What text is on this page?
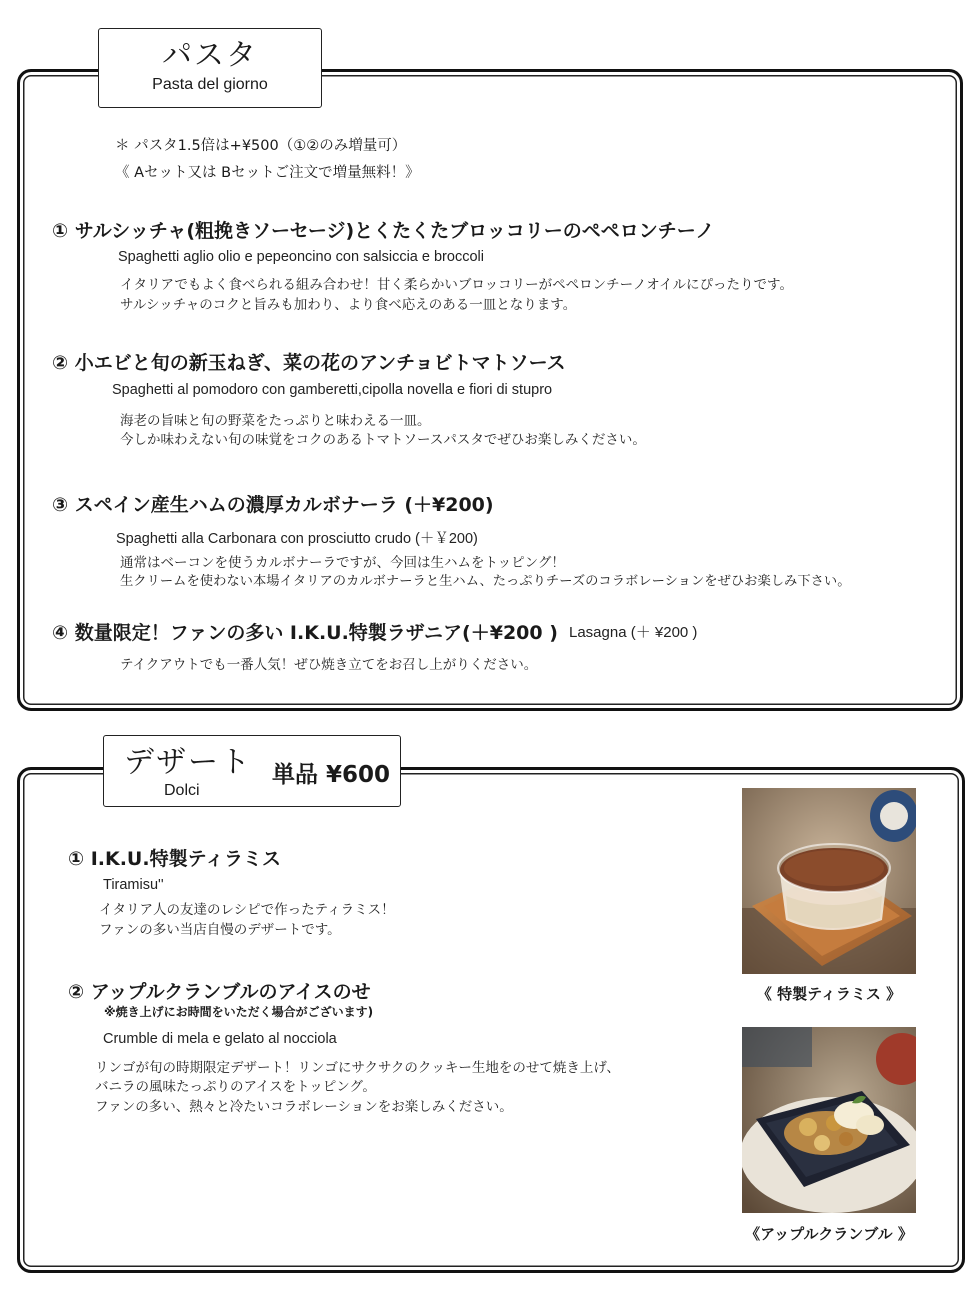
パスタ
Pasta del giorno
＊ パスタ1.5倍は+¥500（①②のみ増量可）
《 Aセット又は Bセットご注文で増量無料！》
① サルシッチャ(粗挽きソーセージ)とくたくたブロッコリーのペペロンチーノ
Spaghetti aglio olio e pepeoncino con salsiccia e broccoli
イタリアでもよく食べられる組み合わせ！甘く柔らかいブロッコリーがペペロンチーノオイルにぴったりです。
サルシッチャのコクと旨みも加わり、より食べ応えのある一皿となります。
② 小エビと旬の新玉ねぎ、菜の花のアンチョビトマトソース
Spaghetti al pomodoro con gamberetti,cipolla novella e fiori di stupro
海老の旨味と旬の野菜をたっぷりと味わえる一皿。
今しか味わえない旬の味覚をコクのあるトマトソースパスタでぜひお楽しみください。
③ スペイン産生ハムの濃厚カルボナーラ (＋¥200)
Spaghetti alla Carbonara con prosciutto crudo (＋￥200)
通常はベーコンを使うカルボナーラですが、今回は生ハムをトッピング！
生クリームを使わない本場イタリアのカルボナーラと生ハム、たっぷりチーズのコラボレーションをぜひお楽しみ下さい。
④ 数量限定！ファンの多い I.K.U.特製ラザニア(＋¥200 ) Lasagna (＋ ¥200 )
テイクアウトでも一番人気！ぜひ焼き立てをお召し上がりください。
デザート
Dolci
単品 ¥600
① I.K.U.特製ティラミス
Tiramisu''
イタリア人の友達のレシピで作ったティラミス！
ファンの多い当店自慢のデザートです。
② アップルクランブルのアイスのせ
※焼き上げにお時間をいただく場合がございます)
Crumble di mela e gelato al nocciola
リンゴが旬の時期限定デザート！リンゴにサクサクのクッキー生地をのせて焼き上げ、
バニラの風味たっぷりのアイスをトッピング。
ファンの多い、熱々と冷たいコラボレーションをお楽しみください。
《 特製ティラミス 》
《アップルクランブル 》
